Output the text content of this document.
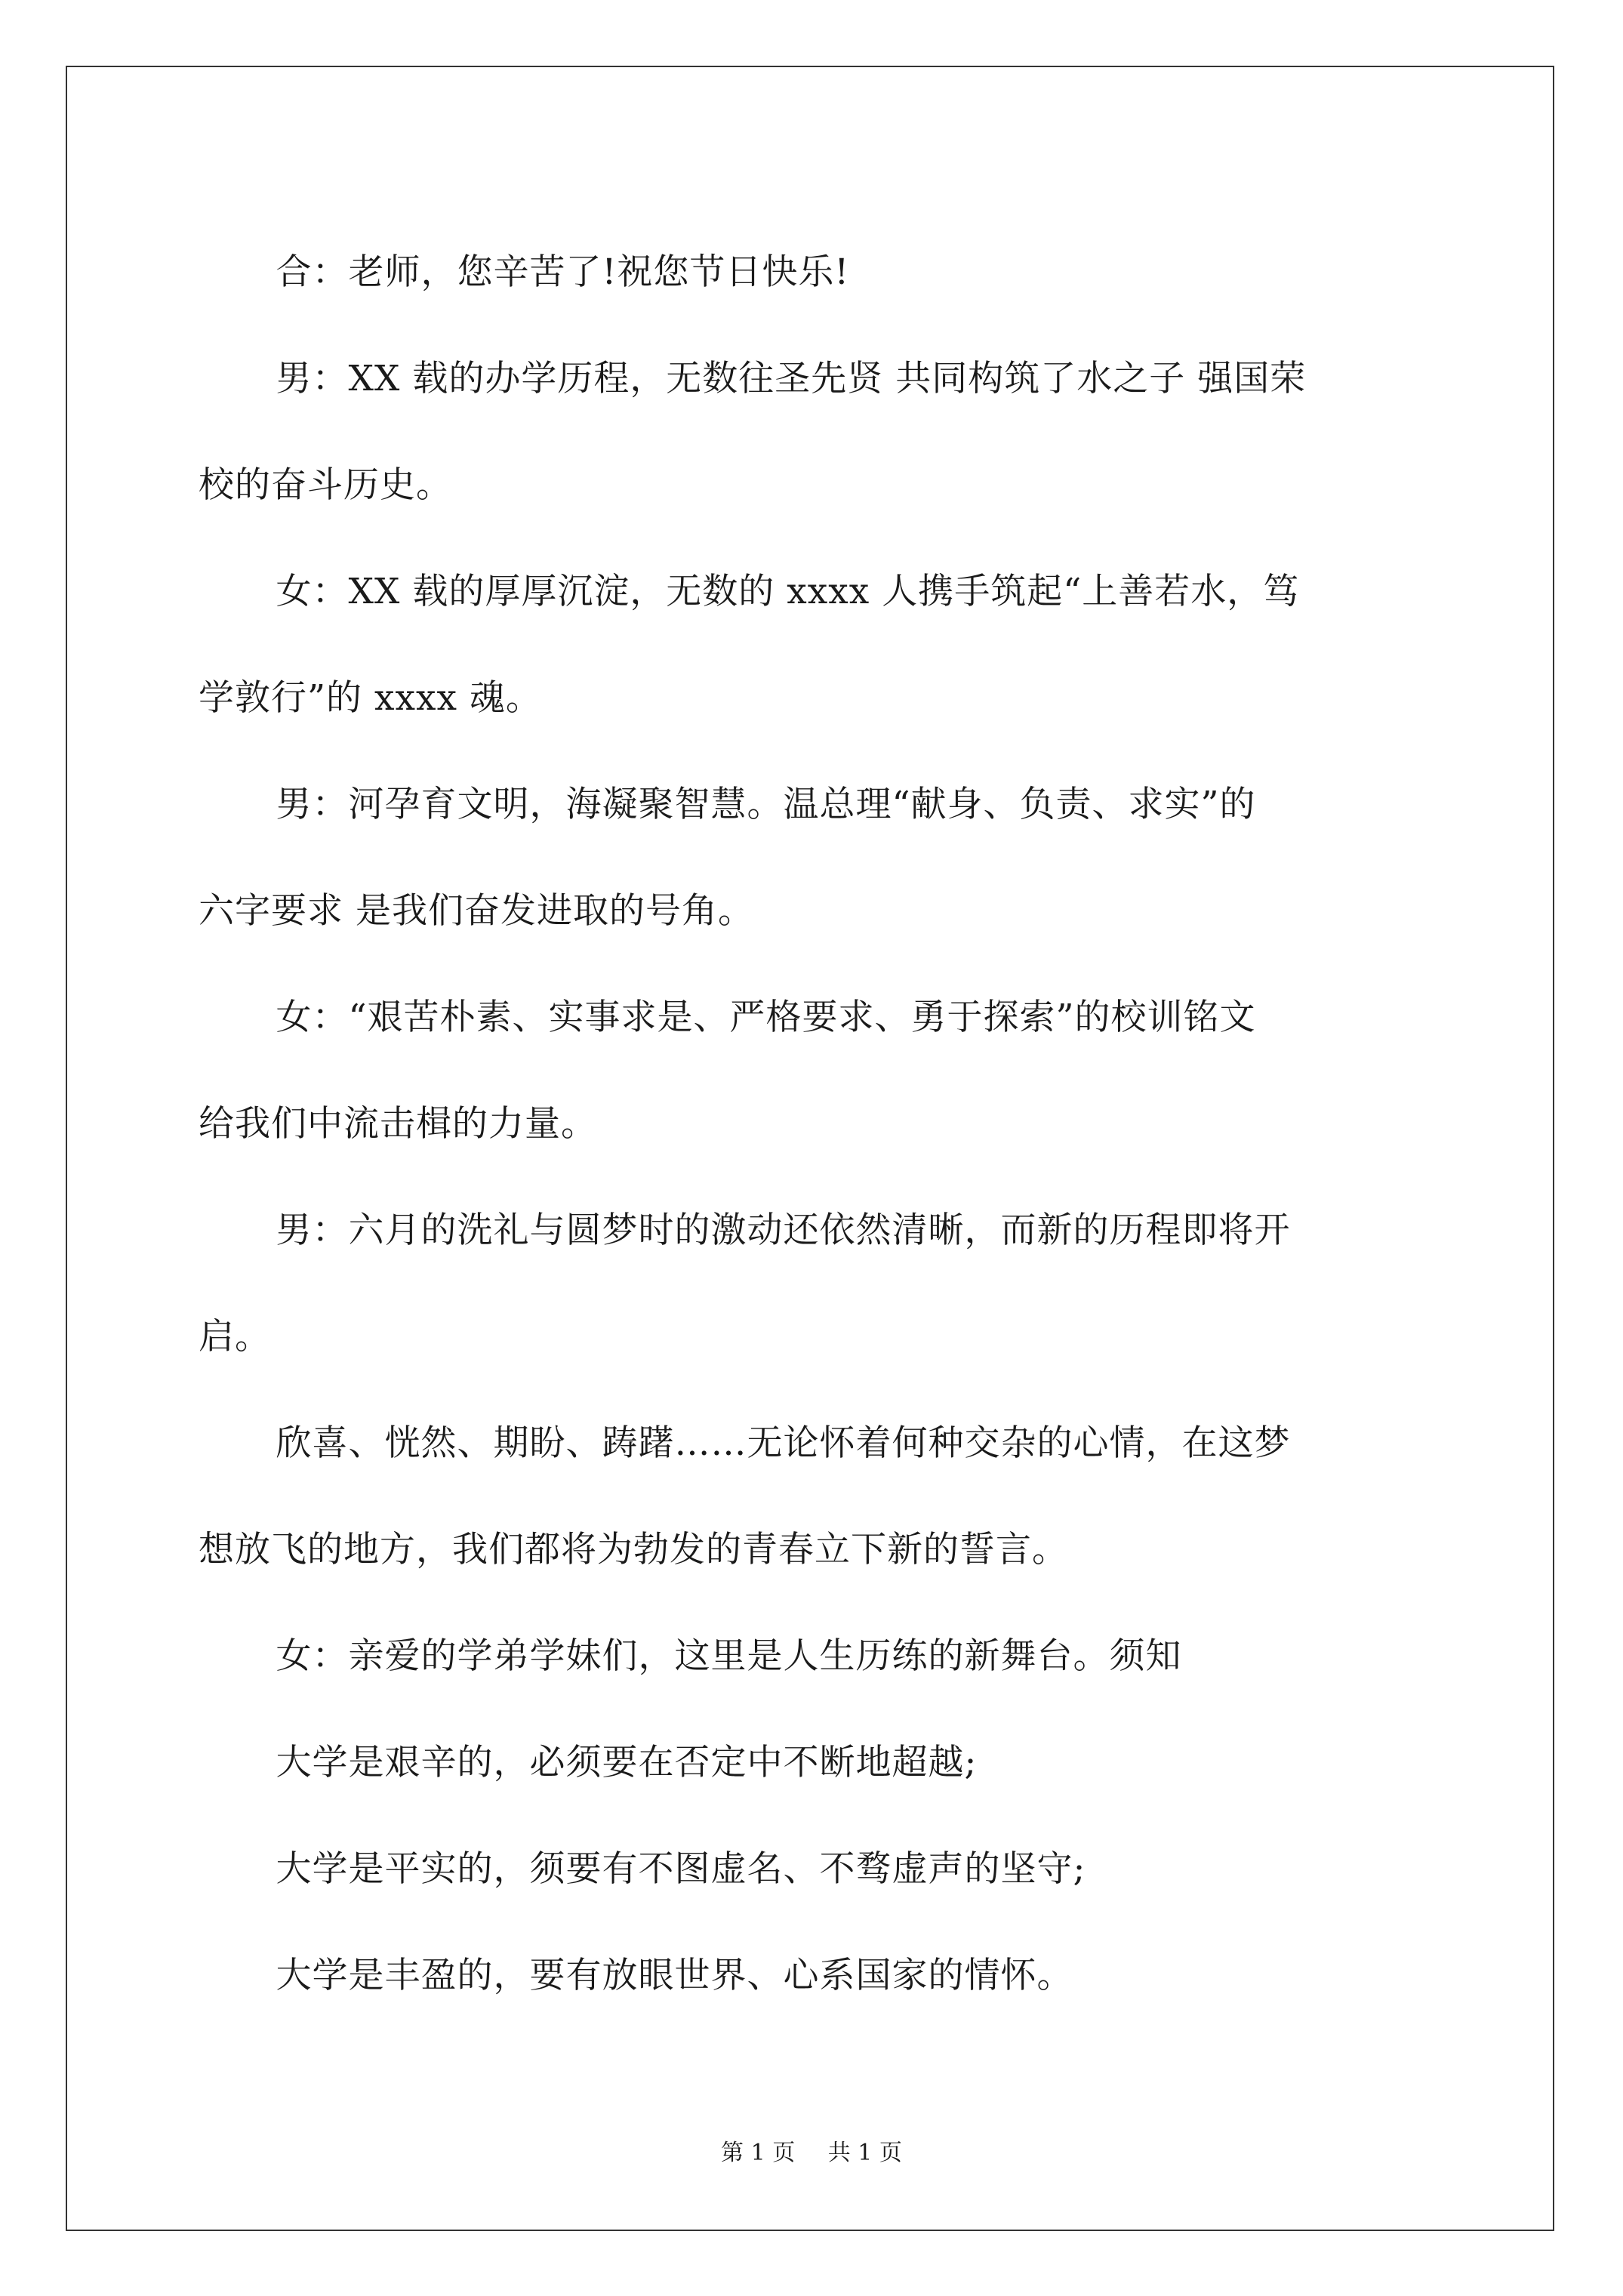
合：老师，您辛苦了!祝您节日快乐!

男：XX 载的办学历程，无数往圣先贤 共同构筑了水之子 强国荣
校的奋斗历史。

女：XX 载的厚厚沉淀，无数的 xxxx 人携手筑起“上善若水，笃
学敦行”的 xxxx 魂。

男：河孕育文明，海凝聚智慧。温总理“献身、负责、求实”的
六字要求 是我们奋发进取的号角。

女：“艰苦朴素、实事求是、严格要求、勇于探索”的校训铭文
给我们中流击楫的力量。

男：六月的洗礼与圆梦时的激动还依然清晰，而新的历程即将开
启。

欣喜、恍然、期盼、踌躇……无论怀着何种交杂的心情，在这梦
想放飞的地方，我们都将为勃发的青春立下新的誓言。

女：亲爱的学弟学妹们，这里是人生历练的新舞台。须知

大学是艰辛的，必须要在否定中不断地超越;

大学是平实的，须要有不图虚名、不骛虚声的坚守;

大学是丰盈的，要有放眼世界、心系国家的情怀。

第 1 页 共 1 页
